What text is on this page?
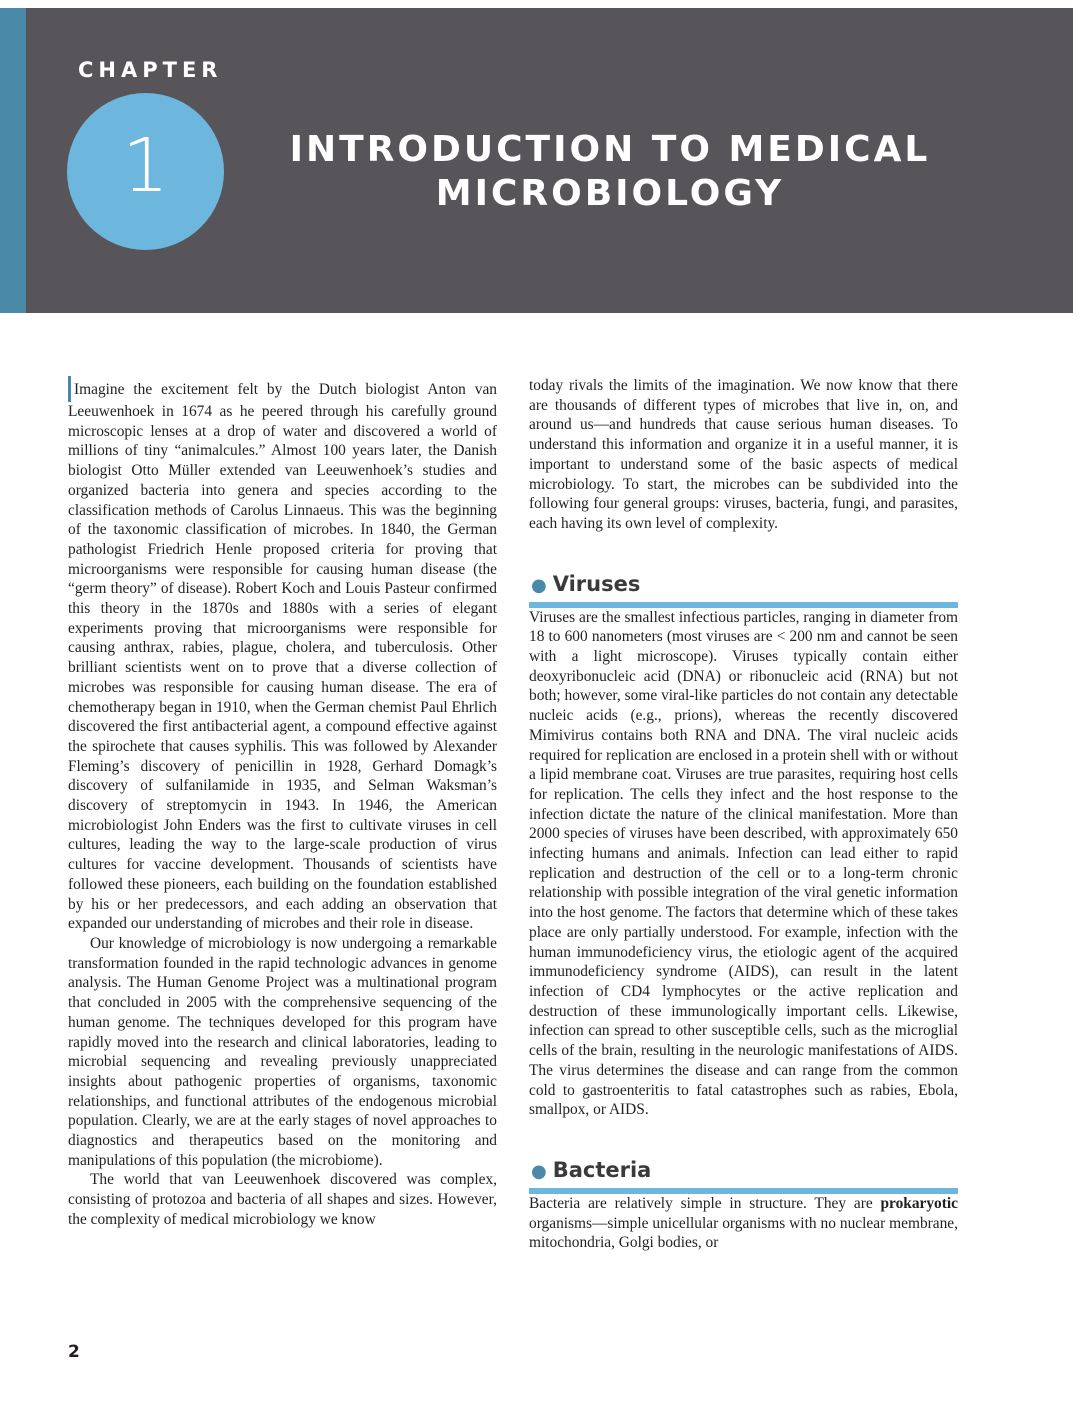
CHAPTER
1	INTRODUCTION TO MEDICAL
MICROBIOLOGY

Imagine the excitement felt by the Dutch biologist Anton van Leeuwenhoek in 1674 as he peered through his carefully ground microscopic lenses at a drop of water and discovered a world of millions of tiny “animalcules.” Almost 100 years later, the Danish biologist Otto Müller extended van Leeuwenhoek’s studies and organized bacteria into genera and species according to the classification methods of Carolus Linnaeus. This was the beginning of the taxonomic classification of microbes. In 1840, the German pathologist Friedrich Henle proposed criteria for proving that microorganisms were responsible for causing human disease (the “germ theory” of disease). Robert Koch and Louis Pasteur confirmed this theory in the 1870s and 1880s with a series of elegant experiments proving that microorganisms were responsible for causing anthrax, rabies, plague, cholera, and tuberculosis. Other brilliant scientists went on to prove that a diverse collection of microbes was responsible for causing human disease. The era of chemotherapy began in 1910, when the German chemist Paul Ehrlich discovered the first antibacterial agent, a compound effective against the spirochete that causes syphilis. This was followed by Alexander Fleming’s discovery of penicillin in 1928, Gerhard Domagk’s discovery of sulfanilamide in 1935, and Selman Waksman’s discovery of streptomycin in 1943. In 1946, the American microbiologist John Enders was the first to cultivate viruses in cell cultures, leading the way to the large-scale production of virus cultures for vaccine development. Thousands of scientists have followed these pioneers, each building on the foundation established by his or her predecessors, and each adding an observation that expanded our understanding of microbes and their role in disease.

Our knowledge of microbiology is now undergoing a remarkable transformation founded in the rapid technologic advances in genome analysis. The Human Genome Project was a multinational program that concluded in 2005 with the comprehensive sequencing of the human genome. The techniques developed for this program have rapidly moved into the research and clinical laboratories, leading to microbial sequencing and revealing previously unappreciated insights about pathogenic properties of organisms, taxonomic relationships, and functional attributes of the endogenous microbial population. Clearly, we are at the early stages of novel approaches to diagnostics and therapeutics based on the monitoring and manipulations of this population (the microbiome).

The world that van Leeuwenhoek discovered was complex, consisting of protozoa and bacteria of all shapes and sizes. However, the complexity of medical microbiology we know

today rivals the limits of the imagination. We now know that there are thousands of different types of microbes that live in, on, and around us—and hundreds that cause serious human diseases. To understand this information and organize it in a useful manner, it is important to understand some of the basic aspects of medical microbiology. To start, the microbes can be subdivided into the following four general groups: viruses, bacteria, fungi, and parasites, each having its own level of complexity.

● Viruses

Viruses are the smallest infectious particles, ranging in diameter from 18 to 600 nanometers (most viruses are < 200 nm and cannot be seen with a light microscope). Viruses typically contain either deoxyribonucleic acid (DNA) or ribonucleic acid (RNA) but not both; however, some viral-like particles do not contain any detectable nucleic acids (e.g., prions), whereas the recently discovered Mimivirus contains both RNA and DNA. The viral nucleic acids required for replication are enclosed in a protein shell with or without a lipid membrane coat. Viruses are true parasites, requiring host cells for replication. The cells they infect and the host response to the infection dictate the nature of the clinical manifestation. More than 2000 species of viruses have been described, with approximately 650 infecting humans and animals. Infection can lead either to rapid replication and destruction of the cell or to a long-term chronic relationship with possible integration of the viral genetic information into the host genome. The factors that determine which of these takes place are only partially understood. For example, infection with the human immunodeficiency virus, the etiologic agent of the acquired immunodeficiency syndrome (AIDS), can result in the latent infection of CD4 lymphocytes or the active replication and destruction of these immunologically important cells. Likewise, infection can spread to other susceptible cells, such as the microglial cells of the brain, resulting in the neurologic manifestations of AIDS. The virus determines the disease and can range from the common cold to gastroenteritis to fatal catastrophes such as rabies, Ebola, smallpox, or AIDS.

● Bacteria

Bacteria are relatively simple in structure. They are prokaryotic organisms—simple unicellular organisms with no nuclear membrane, mitochondria, Golgi bodies, or

2
